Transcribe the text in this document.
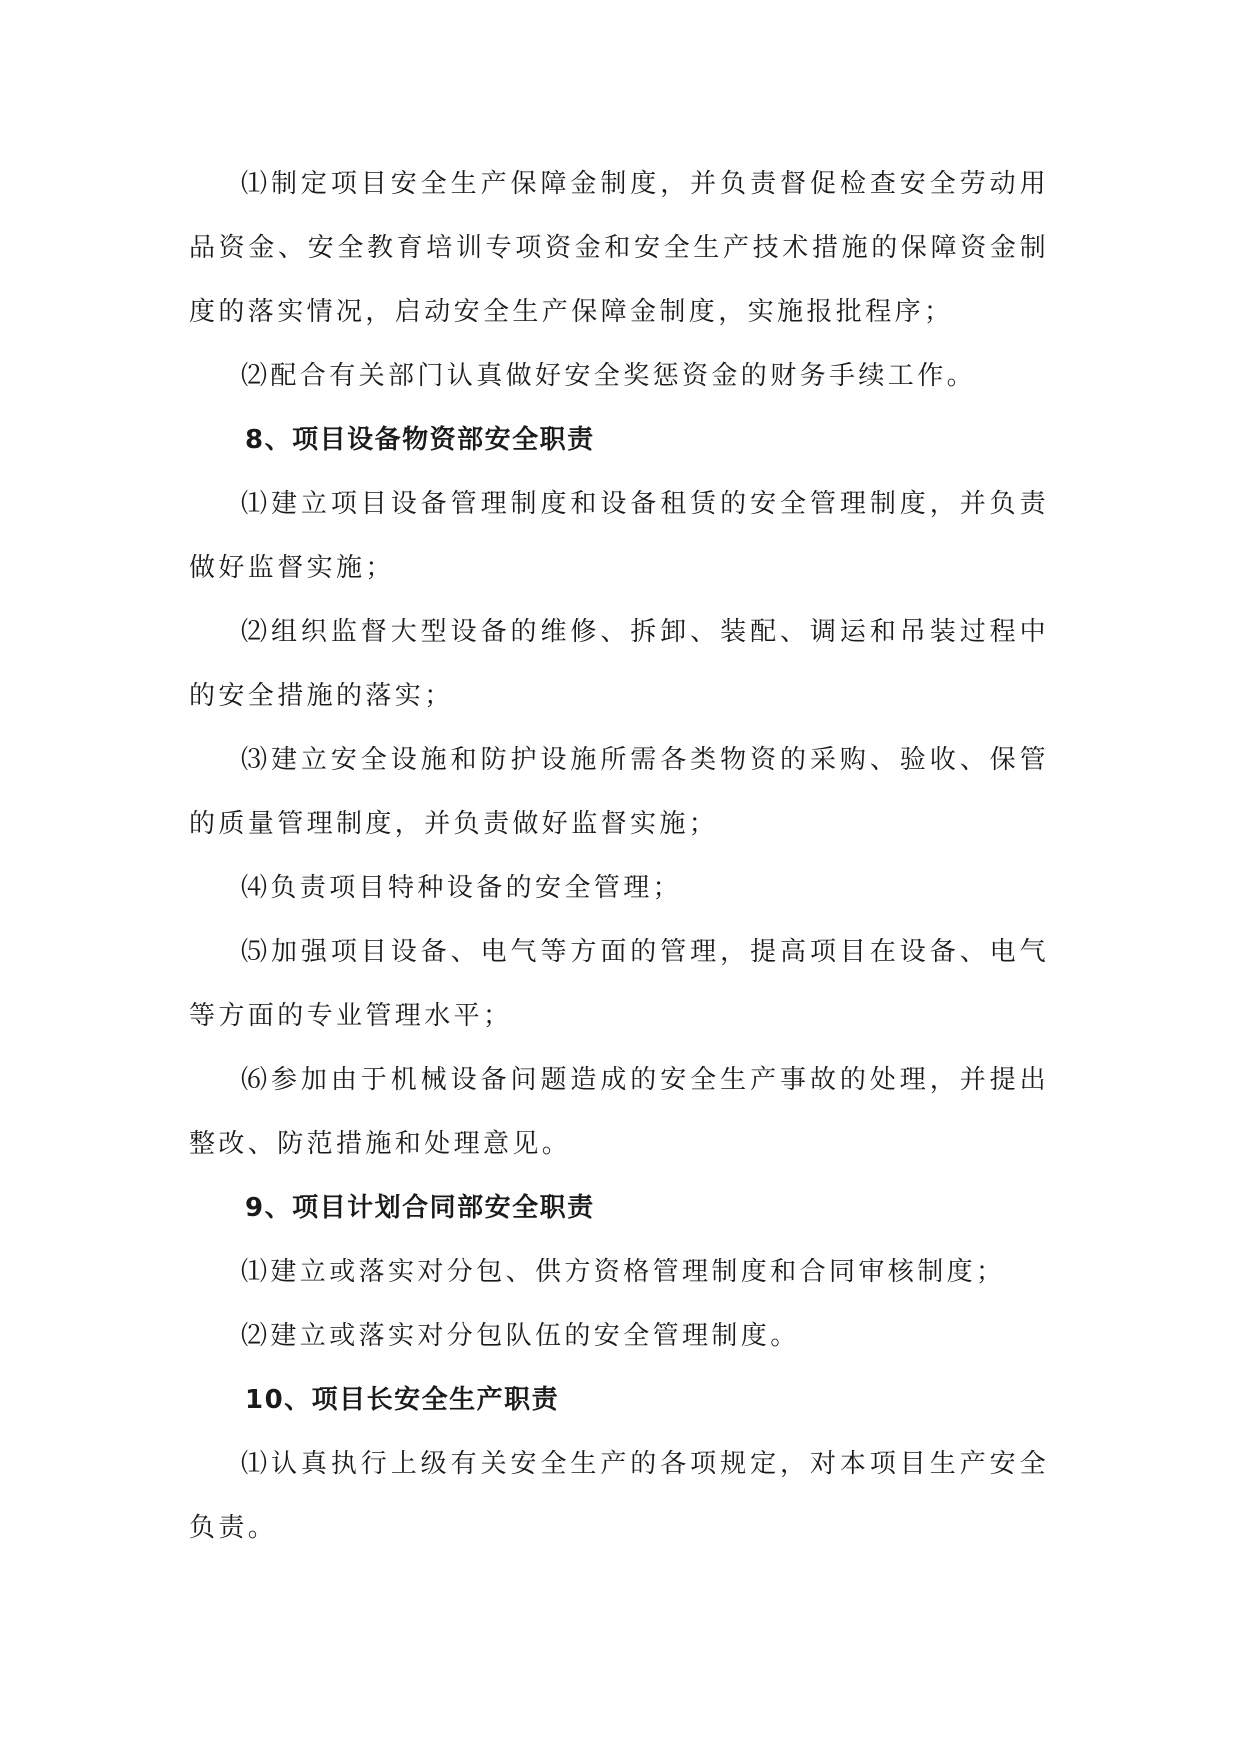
⑴制定项目安全生产保障金制度，并负责督促检查安全劳动用品资金、安全教育培训专项资金和安全生产技术措施的保障资金制度的落实情况，启动安全生产保障金制度，实施报批程序；

⑵配合有关部门认真做好安全奖惩资金的财务手续工作。

8、项目设备物资部安全职责

⑴建立项目设备管理制度和设备租赁的安全管理制度，并负责做好监督实施；

⑵组织监督大型设备的维修、拆卸、装配、调运和吊装过程中的安全措施的落实；

⑶建立安全设施和防护设施所需各类物资的采购、验收、保管的质量管理制度，并负责做好监督实施；

⑷负责项目特种设备的安全管理；

⑸加强项目设备、电气等方面的管理，提高项目在设备、电气等方面的专业管理水平；

⑹参加由于机械设备问题造成的安全生产事故的处理，并提出整改、防范措施和处理意见。

9、项目计划合同部安全职责

⑴建立或落实对分包、供方资格管理制度和合同审核制度；

⑵建立或落实对分包队伍的安全管理制度。

10、项目长安全生产职责

⑴认真执行上级有关安全生产的各项规定，对本项目生产安全负责。
